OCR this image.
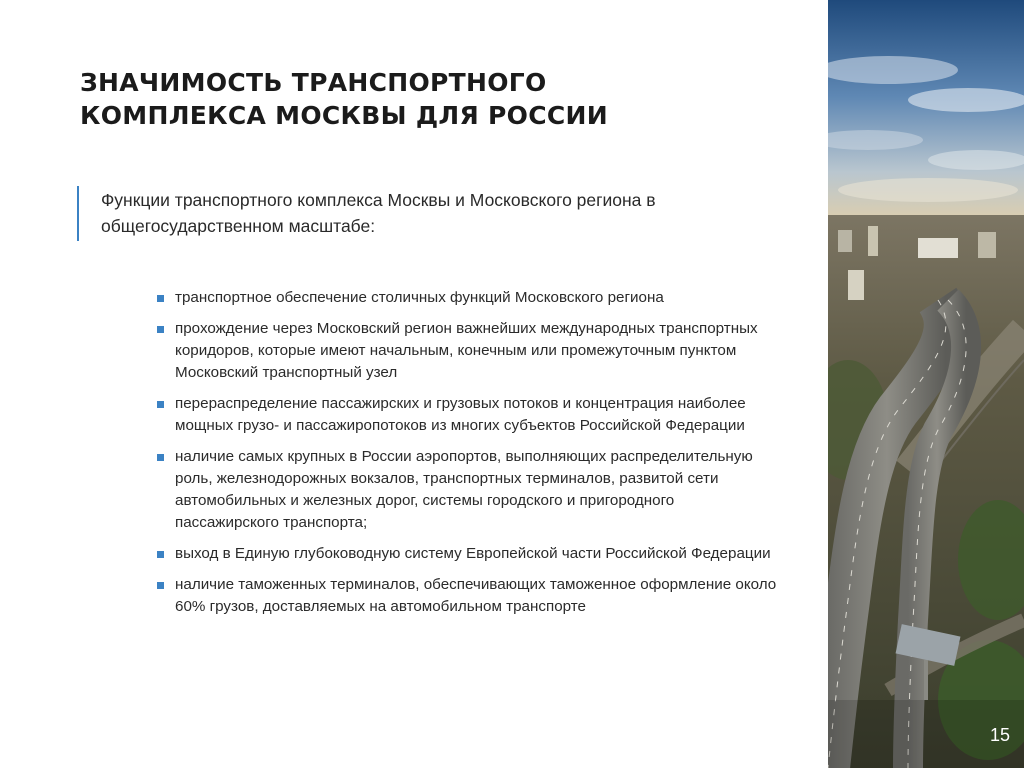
ЗНАЧИМОСТЬ ТРАНСПОРТНОГО
КОМПЛЕКСА МОСКВЫ ДЛЯ РОССИИ
Функции транспортного комплекса Москвы и Московского региона в общегосударственном масштабе:
транспортное обеспечение столичных функций Московского региона
прохождение через Московский регион важнейших международных транспортных коридоров, которые имеют начальным, конечным или промежуточным пунктом Московский транспортный узел
перераспределение пассажирских и грузовых потоков и концентрация наиболее мощных грузо- и пассажиропотоков из многих субъектов Российской Федерации
наличие самых крупных в России аэропортов, выполняющих распределительную роль, железнодорожных вокзалов, транспортных терминалов, развитой сети автомобильных и железных дорог, системы городского и пригородного пассажирского транспорта;
выход в Единую глубоководную систему Европейской части Российской Федерации
наличие таможенных терминалов, обеспечивающих таможенное оформление около 60% грузов, доставляемых на автомобильном транспорте
15
